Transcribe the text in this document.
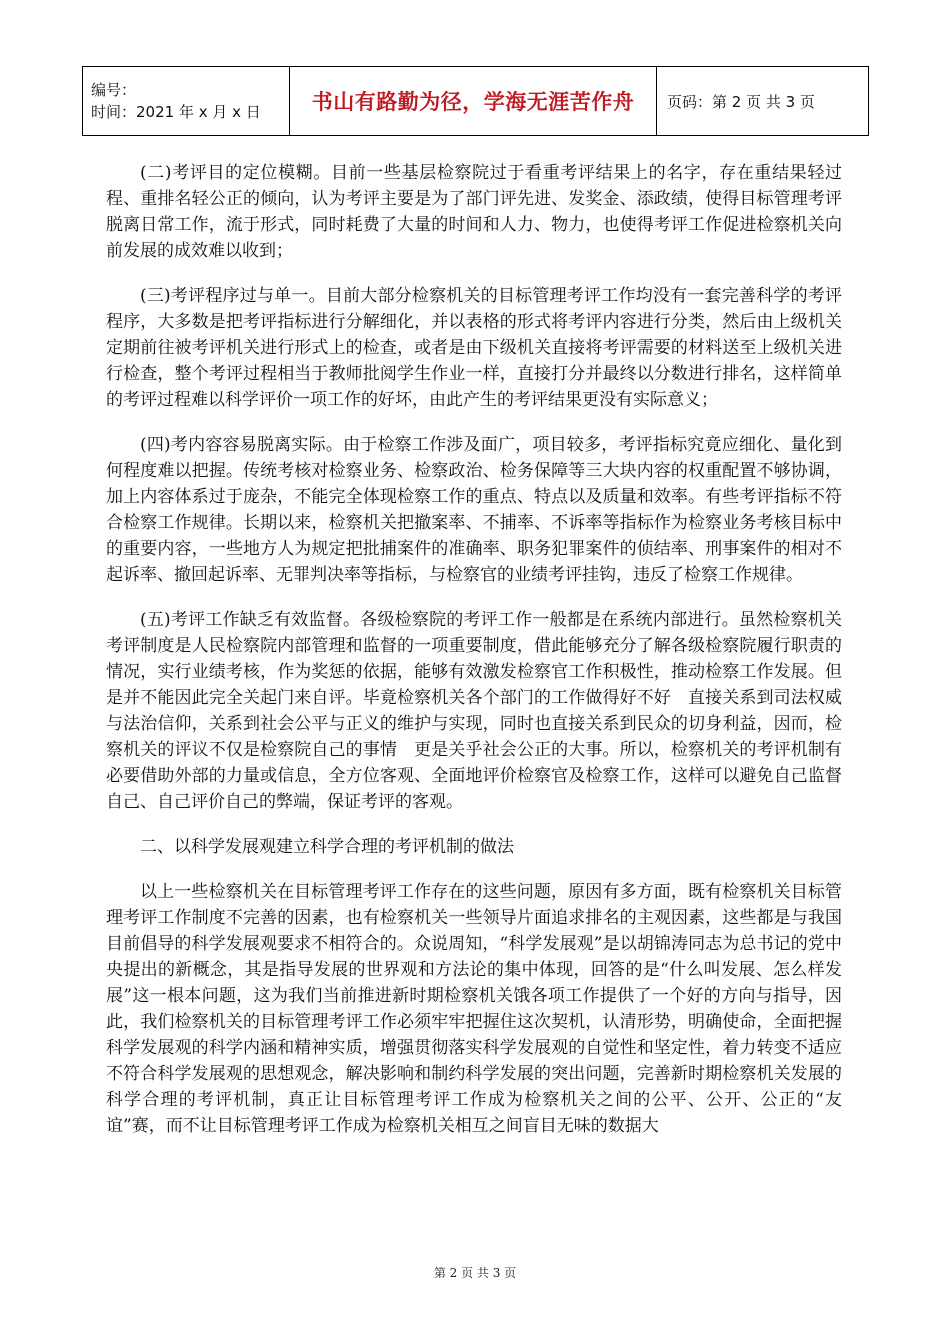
编号：
时间：2021 年 x 月 x 日	书山有路勤为径，学海无涯苦作舟	页码：第 2 页 共 3 页

(二)考评目的定位模糊。目前一些基层检察院过于看重考评结果上的名字，存在重结果轻过程、重排名轻公正的倾向，认为考评主要是为了部门评先进、发奖金、添政绩，使得目标管理考评脱离日常工作，流于形式，同时耗费了大量的时间和人力、物力，也使得考评工作促进检察机关向前发展的成效难以收到；

(三)考评程序过与单一。目前大部分检察机关的目标管理考评工作均没有一套完善科学的考评程序，大多数是把考评指标进行分解细化，并以表格的形式将考评内容进行分类，然后由上级机关定期前往被考评机关进行形式上的检查，或者是由下级机关直接将考评需要的材料送至上级机关进行检查，整个考评过程相当于教师批阅学生作业一样，直接打分并最终以分数进行排名，这样简单的考评过程难以科学评价一项工作的好坏，由此产生的考评结果更没有实际意义；

(四)考内容容易脱离实际。由于检察工作涉及面广，项目较多，考评指标究竟应细化、量化到何程度难以把握。传统考核对检察业务、检察政治、检务保障等三大块内容的权重配置不够协调，加上内容体系过于庞杂，不能完全体现检察工作的重点、特点以及质量和效率。有些考评指标不符合检察工作规律。长期以来，检察机关把撤案率、不捕率、不诉率等指标作为检察业务考核目标中的重要内容，一些地方人为规定把批捕案件的准确率、职务犯罪案件的侦结率、刑事案件的相对不起诉率、撤回起诉率、无罪判决率等指标，与检察官的业绩考评挂钩，违反了检察工作规律。

(五)考评工作缺乏有效监督。各级检察院的考评工作一般都是在系统内部进行。虽然检察机关考评制度是人民检察院内部管理和监督的一项重要制度，借此能够充分了解各级检察院履行职责的情况，实行业绩考核，作为奖惩的依据，能够有效激发检察官工作积极性，推动检察工作发展。但是并不能因此完全关起门来自评。毕竟检察机关各个部门的工作做得好不好　直接关系到司法权威与法治信仰，关系到社会公平与正义的维护与实现，同时也直接关系到民众的切身利益，因而，检察机关的评议不仅是检察院自己的事情　更是关乎社会公正的大事。所以，检察机关的考评机制有必要借助外部的力量或信息，全方位客观、全面地评价检察官及检察工作，这样可以避免自己监督自己、自己评价自己的弊端，保证考评的客观。

二、以科学发展观建立科学合理的考评机制的做法

以上一些检察机关在目标管理考评工作存在的这些问题，原因有多方面，既有检察机关目标管理考评工作制度不完善的因素，也有检察机关一些领导片面追求排名的主观因素，这些都是与我国目前倡导的科学发展观要求不相符合的。众说周知，“科学发展观”是以胡锦涛同志为总书记的党中央提出的新概念，其是指导发展的世界观和方法论的集中体现，回答的是“什么叫发展、怎么样发展”这一根本问题，这为我们当前推进新时期检察机关饿各项工作提供了一个好的方向与指导，因此，我们检察机关的目标管理考评工作必须牢牢把握住这次契机，认清形势，明确使命，全面把握科学发展观的科学内涵和精神实质，增强贯彻落实科学发展观的自觉性和坚定性，着力转变不适应不符合科学发展观的思想观念，解决影响和制约科学发展的突出问题，完善新时期检察机关发展的科学合理的考评机制，真正让目标管理考评工作成为检察机关之间的公平、公开、公正的“友谊”赛，而不让目标管理考评工作成为检察机关相互之间盲目无味的数据大

第 2 页 共 3 页
